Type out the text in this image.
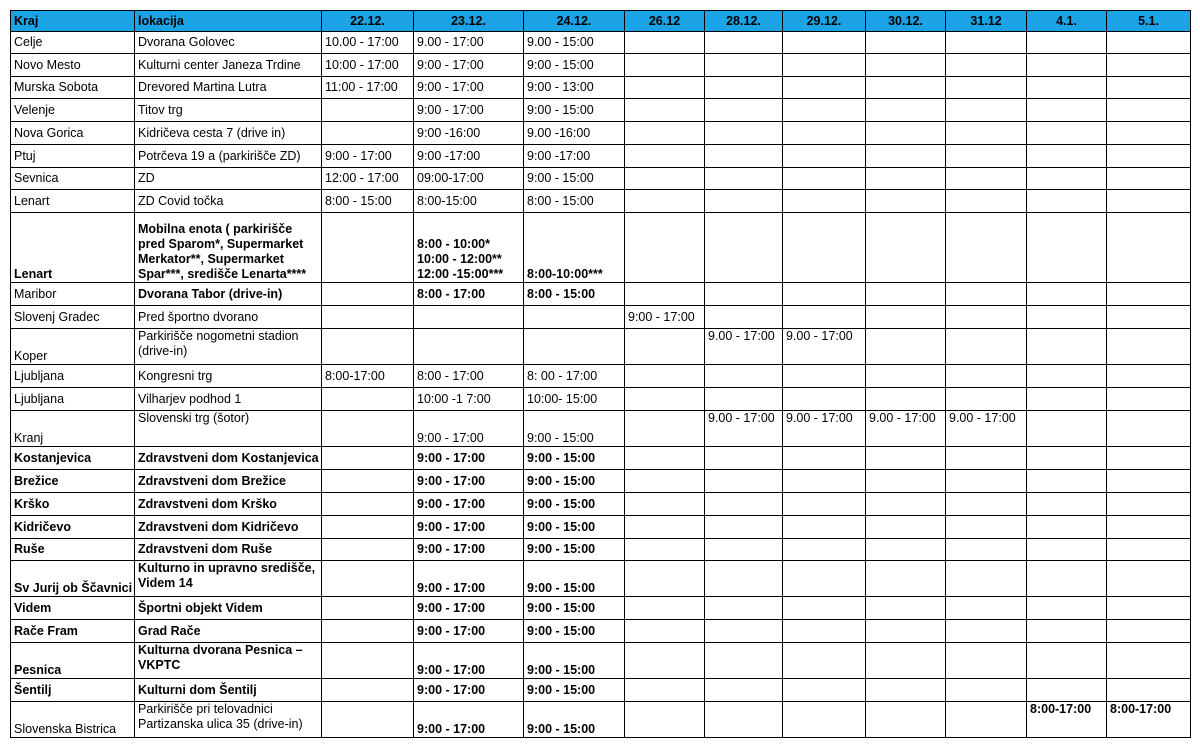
Kraj	lokacija	22.12.	23.12.	24.12.	26.12	28.12.	29.12.	30.12.	31.12	4.1.	5.1.
Celje	Dvorana Golovec	10.00 - 17:00	9.00 - 17:00	9.00 - 15:00							
Novo Mesto	Kulturni center Janeza Trdine	10:00 - 17:00	9:00 - 17:00	9:00 - 15:00							
Murska Sobota	Drevored Martina Lutra	11:00 - 17:00	9:00 - 17:00	9:00 - 13:00							
Velenje	Titov trg		9:00 - 17:00	9:00 - 15:00							
Nova Gorica	Kidričeva cesta 7 (drive in)		9:00 -16:00	9.00 -16:00							
Ptuj	Potrčeva 19 a (parkirišče ZD)	9:00 - 17:00	9:00 -17:00	9:00 -17:00							
Sevnica	ZD	12:00 - 17:00	09:00-17:00	9:00 - 15:00							
Lenart	ZD Covid točka	8:00 - 15:00	8:00-15:00	8:00 - 15:00							
Lenart	Mobilna enota ( parkirišče pred Sparom*, Supermarket Merkator**, Supermarket Spar***, središče Lenarta****		8:00 - 10:00* 10:00 - 12:00** 12:00 -15:00***	8:00-10:00***							
Maribor	Dvorana Tabor (drive-in)		8:00 - 17:00	8:00 - 15:00							
Slovenj Gradec	Pred športno dvorano				9:00 - 17:00						
Koper	Parkirišče nogometni stadion (drive-in)					9.00 - 17:00	9.00 - 17:00				
Ljubljana	Kongresni trg	8:00-17:00	8:00 - 17:00	8: 00 - 17:00							
Ljubljana	Vilharjev podhod 1		10:00 -1 7:00	10:00- 15:00							
Kranj	Slovenski trg (šotor)		9:00 - 17:00	9:00 - 15:00		9.00 - 17:00	9.00 - 17:00	9.00 - 17:00	9.00 - 17:00		
Kostanjevica	Zdravstveni dom Kostanjevica		9:00 - 17:00	9:00 - 15:00							
Brežice	Zdravstveni dom Brežice		9:00 - 17:00	9:00 - 15:00							
Krško	Zdravstveni dom Krško		9:00 - 17:00	9:00 - 15:00							
Kidričevo	Zdravstveni dom Kidričevo		9:00 - 17:00	9:00 - 15:00							
Ruše	Zdravstveni dom Ruše		9:00 - 17:00	9:00 - 15:00							
Sv Jurij ob Ščavnici	Kulturno in upravno središče, Videm 14		9:00 - 17:00	9:00 - 15:00							
Videm	Športni objekt Videm		9:00 - 17:00	9:00 - 15:00							
Rače Fram	Grad Rače		9:00 - 17:00	9:00 - 15:00							
Pesnica	Kulturna dvorana Pesnica – VKPTC		9:00 - 17:00	9:00 - 15:00							
Šentilj	Kulturni dom Šentilj		9:00 - 17:00	9:00 - 15:00							
Slovenska Bistrica	Parkirišče pri telovadnici Partizanska ulica 35 (drive-in)		9:00 - 17:00	9:00 - 15:00						8:00-17:00	8:00-17:00
